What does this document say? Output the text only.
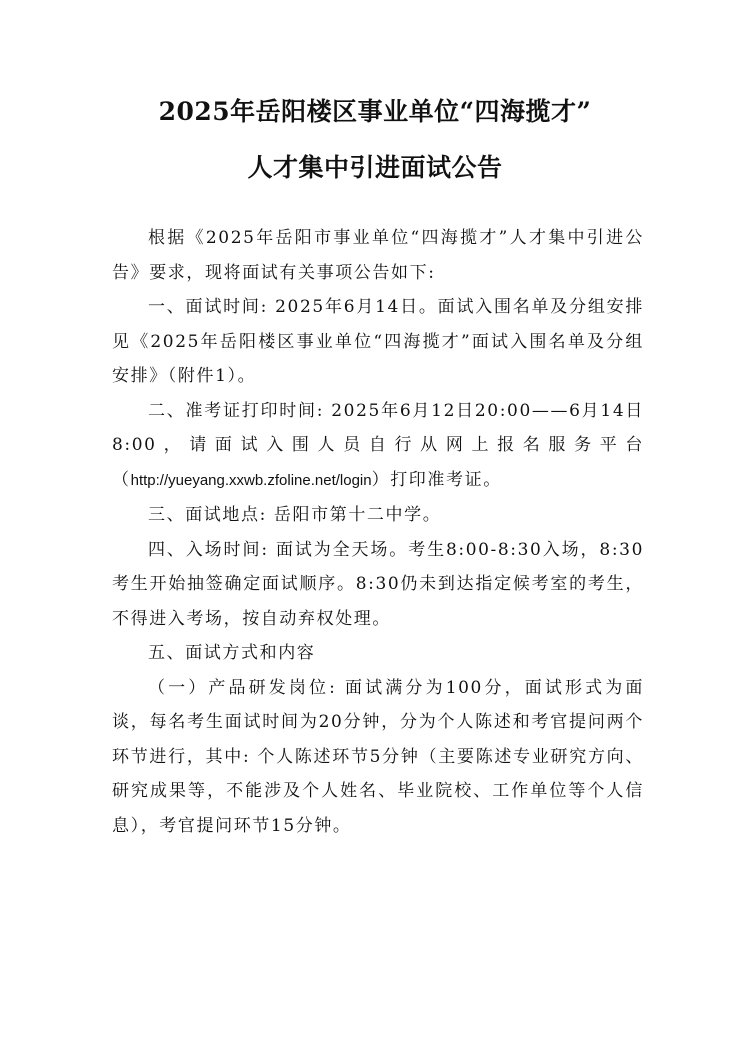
2025年岳阳楼区事业单位“四海揽才”
人才集中引进面试公告

根据《2025年岳阳市事业单位“四海揽才”人才集中引进公告》要求，现将面试有关事项公告如下:

一、面试时间: 2025年6月14日。面试入围名单及分组安排见《2025年岳阳楼区事业单位“四海揽才”面试入围名单及分组安排》（附件1）。

二、准考证打印时间: 2025年6月12日20:00——6月14日8:00，请面试入围人员自行从网上报名服务平台（http://yueyang.xxwb.zfoline.net/login）打印准考证。

三、面试地点: 岳阳市第十二中学。

四、入场时间: 面试为全天场。考生8:00-8:30入场，8:30考生开始抽签确定面试顺序。8:30仍未到达指定候考室的考生，不得进入考场，按自动弃权处理。

五、面试方式和内容

（一）产品研发岗位: 面试满分为100分，面试形式为面谈，每名考生面试时间为20分钟，分为个人陈述和考官提问两个环节进行，其中: 个人陈述环节5分钟（主要陈述专业研究方向、研究成果等，不能涉及个人姓名、毕业院校、工作单位等个人信息），考官提问环节15分钟。
